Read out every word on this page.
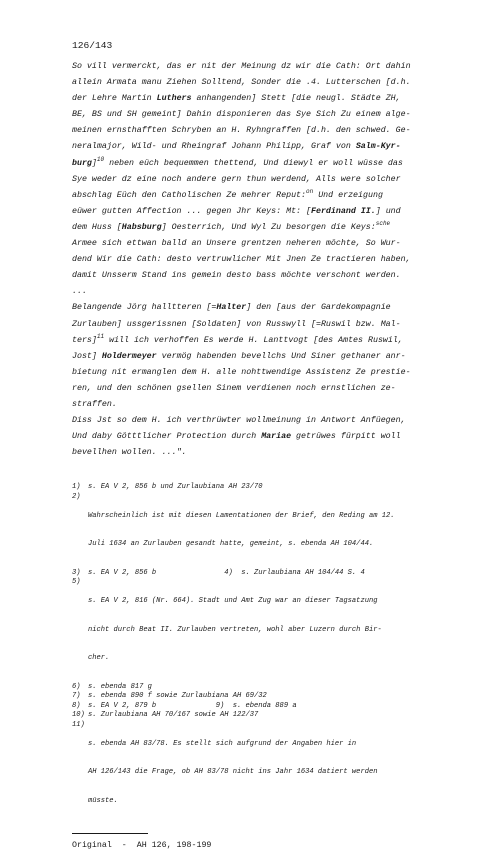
126/143
So vill vermerckt, das er nit der Meinung dz wir die Cath: Ort dahin
allein Armata manu Ziehen Solltend, Sonder die .4. Lutterschen [d.h.
der Lehre Martin Luthers anhangenden] Stett [die neugl. Städte ZH,
BE, BS und SH gemeint] Dahin disponieren das Sye Sich Zu einem alge-
meinen ernsthafften Schryben an H. Ryhngraffen [d.h. den schwed. Ge-
neralmajor, Wild- und Rheingraf Johann Philipp, Graf von Salm-Kyr-
burg]$^{10}$ neben eüch bequemmen thettend, Und diewyl er woll wüsse das
Sye weder dz eine noch andere gern thun werdend, Alls were solcher
abschlag Eüch den Catholischen Ze mehrer Reput:$^{on}$ Und erzeigung
eüwer gutten Affection ... gegen Jhr Keys: Mt: [Ferdinand II.] und
dem Huss [Habsburg] Oesterrich, Und Wyl Zu besorgen die Keys:$^{sche}$
Armee sich ettwan balld an Unsere grentzen neheren möchte, So Wur-
dend Wir die Cath: desto vertruwlicher Mit Jnen Ze tractieren haben,
damit Unsserm Stand ins gemein desto bass möchte verschont werden.
...
Belangende Jörg halltteren [=Halter] den [aus der Gardekompagnie
Zurlauben] ussgerissnen [Soldaten] von Russwyll [=Ruswil bzw. Mal-
ters]$^{11}$ will ich verhoffen Es werde H. Lanttvogt [des Amtes Ruswil,
Jost] Holdermeyer vermög habenden bevellchs Und Siner gethaner anr-
bietung nit ermanglen dem H. alle nohttwendige Assistenz Ze prestie-
ren, und den schönen gsellen Sinem verdienen noch ernstlichen ze-
straffen.
Diss Jst so dem H. ich verthrüwter wollmeinung in Antwort Anfüegen,
Und daby Götttlicher Protection durch Mariae getrüwes fürpitt woll
bevellhen wollen. ...".
1)	s. EA V 2, 856 b und Zurlaubiana AH 23/70
2)

Wahrscheinlich ist mit diesen Lamentationen der Brief, den Reding am 12.

Juli 1634 an Zurlauben gesandt hatte, gemeint, s. ebenda AH 104/44.

3)	s. EA V 2, 856 b                4)  s. Zurlaubiana AH 104/44 S. 4
5)

s. EA V 2, 816 (Nr. 664). Stadt und Amt Zug war an dieser Tagsatzung

nicht durch Beat II. Zurlauben vertreten, wohl aber Luzern durch Bir-

cher.

6)	s. ebenda 817 g
7)	s. ebenda 890 f sowie Zurlaubiana AH 69/32
8)	s. EA V 2, 879 b              9)  s. ebenda 889 a
10) s. Zurlaubiana AH 70/167 sowie AH 122/37
11)

s. ebenda AH 83/78. Es stellt sich aufgrund der Angaben hier in

AH 126/143 die Frage, ob AH 83/78 nicht ins Jahr 1634 datiert werden

müsste.

Original  -  AH 126, 198-199
